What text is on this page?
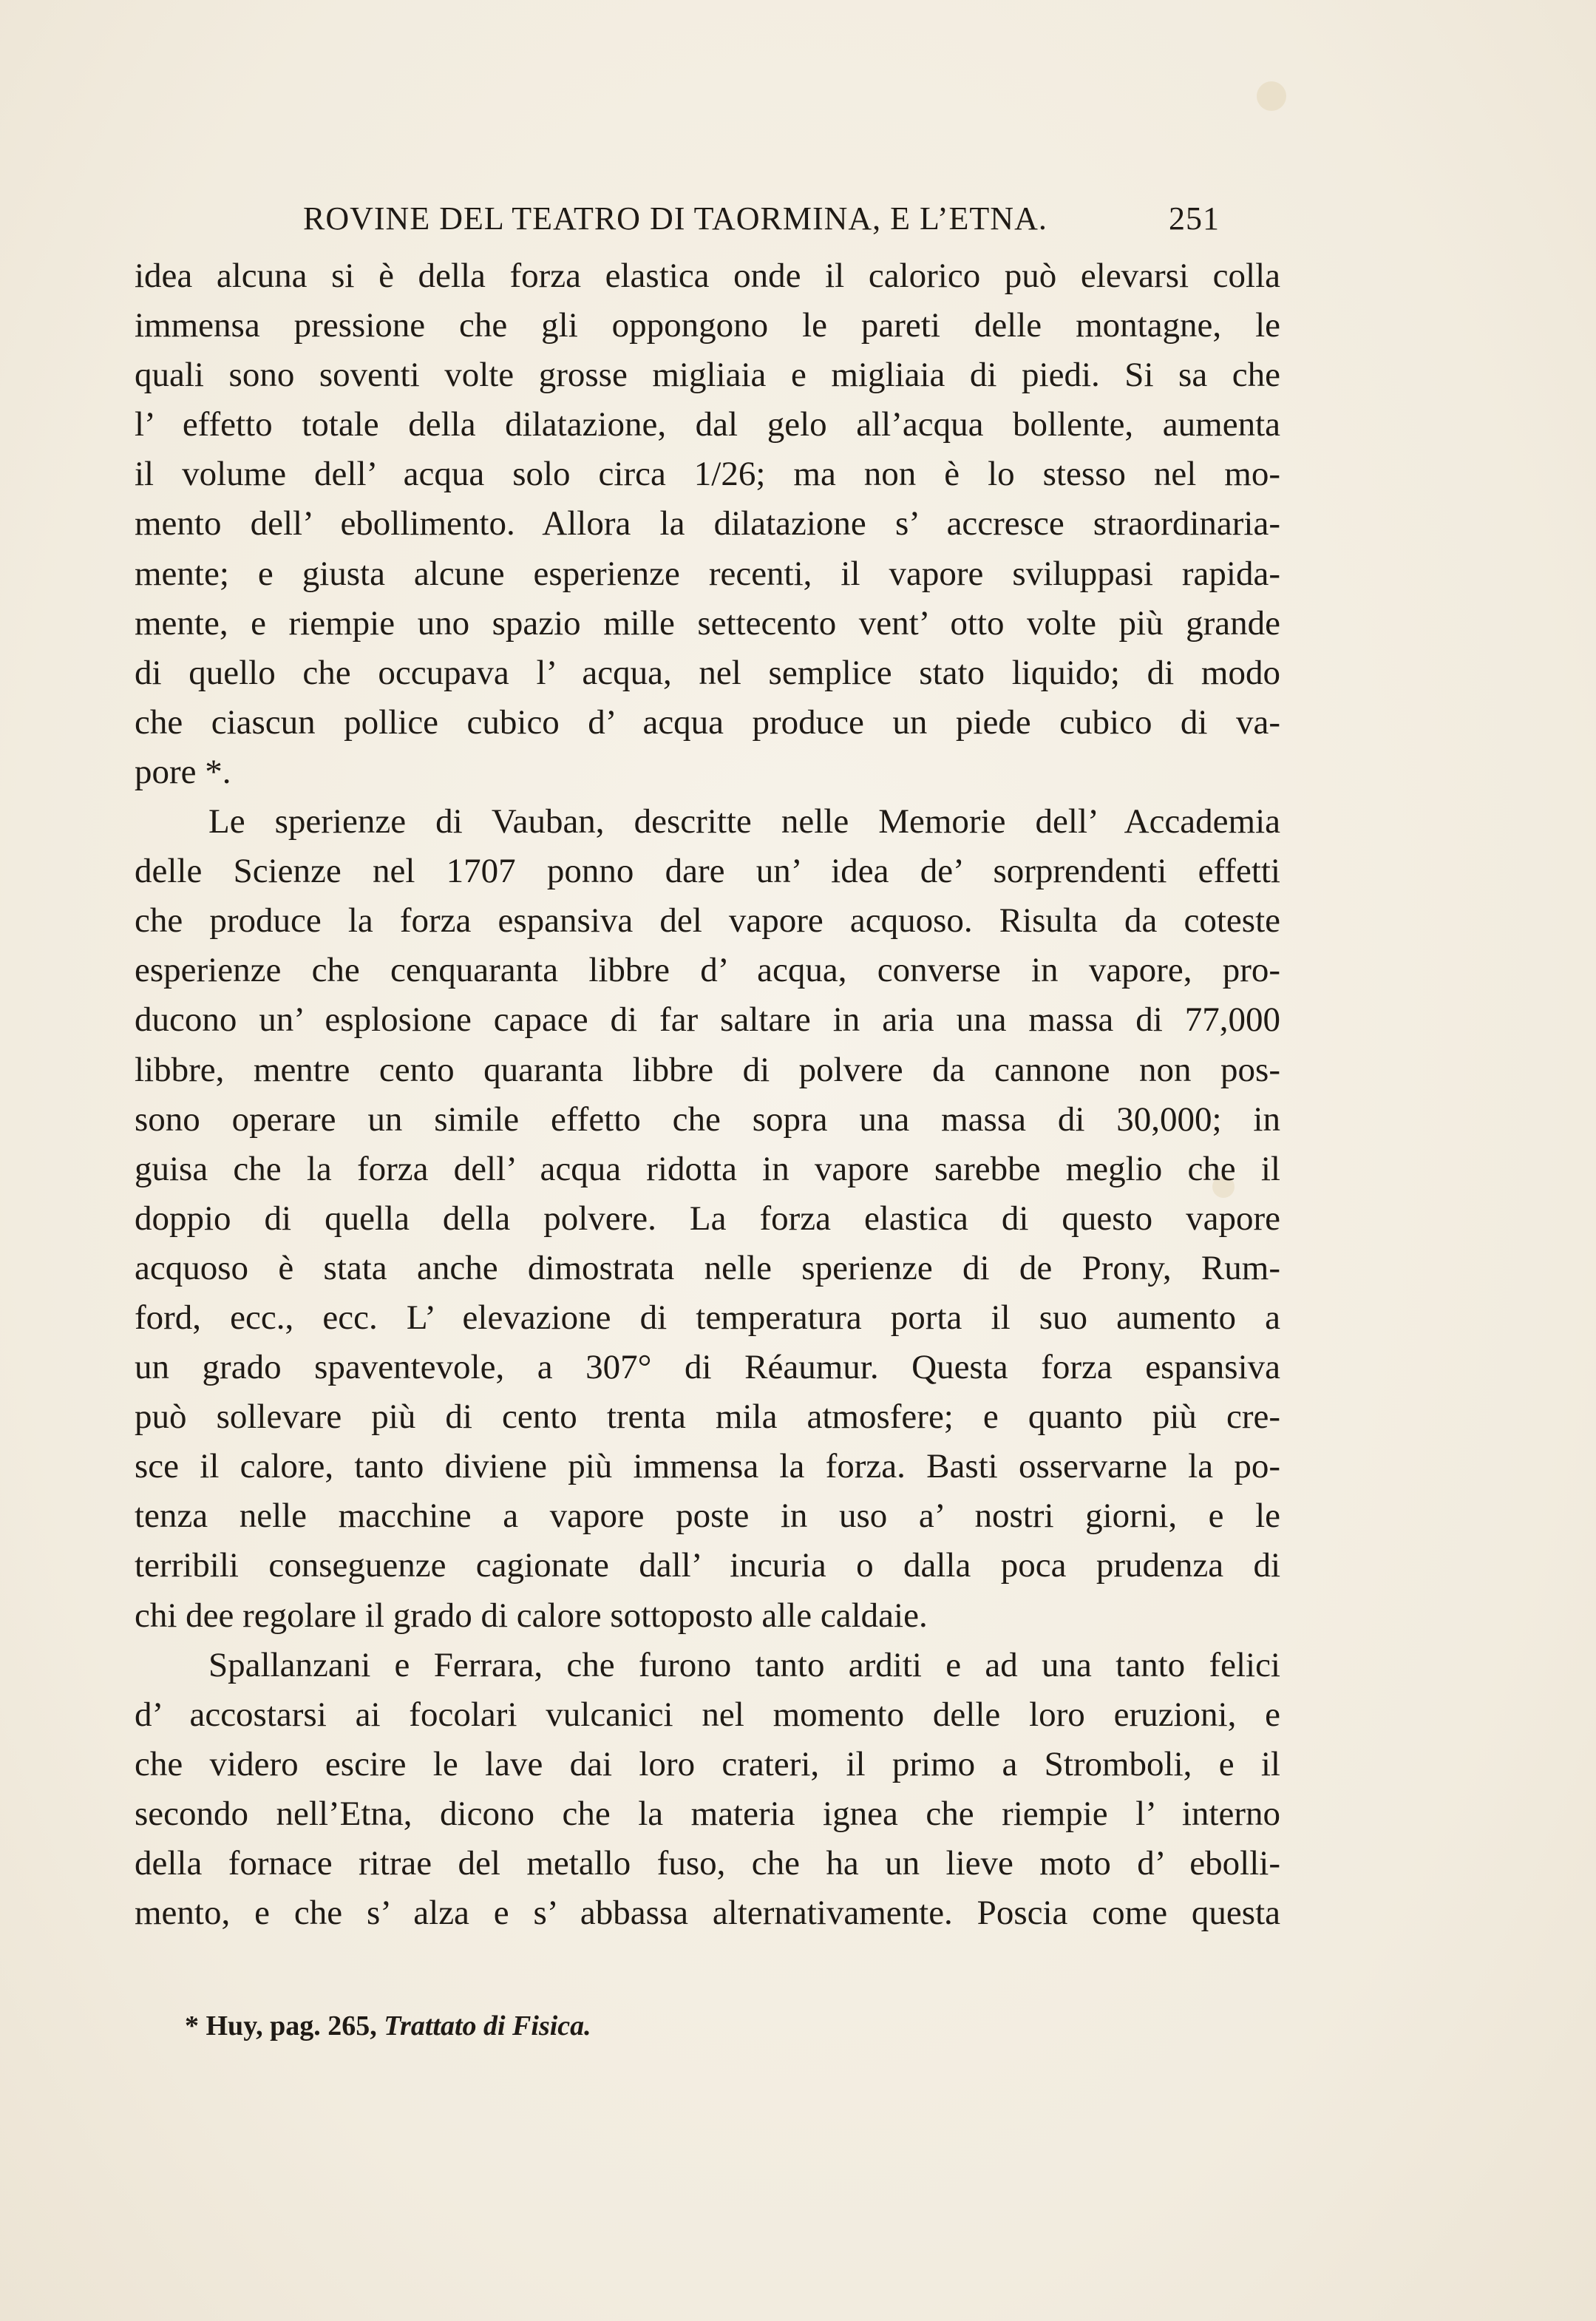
ROVINE DEL TEATRO DI TAORMINA, E L’ETNA.	251
idea alcuna si è della forza elastica onde il calorico può elevarsi colla
immensa pressione che gli oppongono le pareti delle montagne, le
quali sono soventi volte grosse migliaia e migliaia di piedi. Si sa che
l’ effetto totale della dilatazione, dal gelo all’acqua bollente, aumenta
il volume dell’ acqua solo circa 1/26; ma non è lo stesso nel mo-
mento dell’ ebollimento. Allora la dilatazione s’ accresce straordinaria-
mente; e giusta alcune esperienze recenti, il vapore sviluppasi rapida-
mente, e riempie uno spazio mille settecento vent’ otto volte più grande
di quello che occupava l’ acqua, nel semplice stato liquido; di modo
che ciascun pollice cubico d’ acqua produce un piede cubico di va-
pore *.
Le sperienze di Vauban, descritte nelle Memorie dell’ Accademia
delle Scienze nel 1707 ponno dare un’ idea de’ sorprendenti effetti
che produce la forza espansiva del vapore acquoso. Risulta da coteste
esperienze che cenquaranta libbre d’ acqua, converse in vapore, pro-
ducono un’ esplosione capace di far saltare in aria una massa di 77,000
libbre, mentre cento quaranta libbre di polvere da cannone non pos-
sono operare un simile effetto che sopra una massa di 30,000; in
guisa che la forza dell’ acqua ridotta in vapore sarebbe meglio che il
doppio di quella della polvere. La forza elastica di questo vapore
acquoso è stata anche dimostrata nelle sperienze di de Prony, Rum-
ford, ecc., ecc. L’ elevazione di temperatura porta il suo aumento a
un grado spaventevole, a 307° di Réaumur. Questa forza espansiva
può sollevare più di cento trenta mila atmosfere; e quanto più cre-
sce il calore, tanto diviene più immensa la forza. Basti osservarne la po-
tenza nelle macchine a vapore poste in uso a’ nostri giorni, e le
terribili conseguenze cagionate dall’ incuria o dalla poca prudenza di
chi dee regolare il grado di calore sottoposto alle caldaie.
Spallanzani e Ferrara, che furono tanto arditi e ad una tanto felici
d’ accostarsi ai focolari vulcanici nel momento delle loro eruzioni, e
che videro escire le lave dai loro crateri, il primo a Stromboli, e il
secondo nell’Etna, dicono che la materia ignea che riempie l’ interno
della fornace ritrae del metallo fuso, che ha un lieve moto d’ ebolli-
mento, e che s’ alza e s’ abbassa alternativamente. Poscia come questa
* Huy, pag. 265, Trattato di Fisica.
